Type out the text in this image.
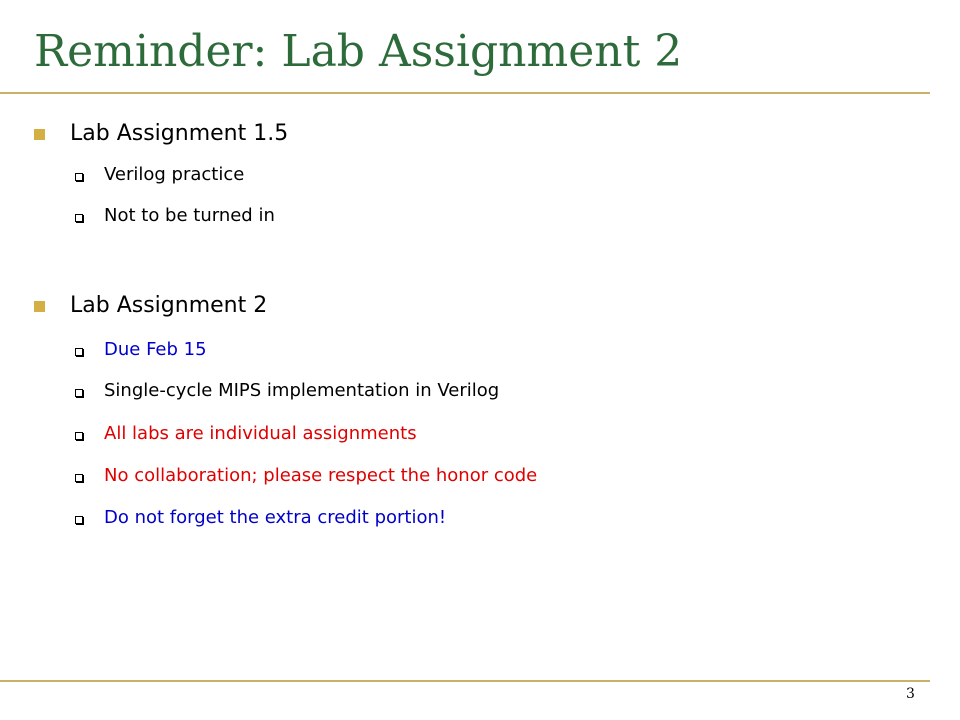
Reminder: Lab Assignment 2
Lab Assignment 1.5
Verilog practice
Not to be turned in
Lab Assignment 2
Due Feb 15
Single-cycle MIPS implementation in Verilog
All labs are individual assignments
No collaboration; please respect the honor code
Do not forget the extra credit portion!
3
